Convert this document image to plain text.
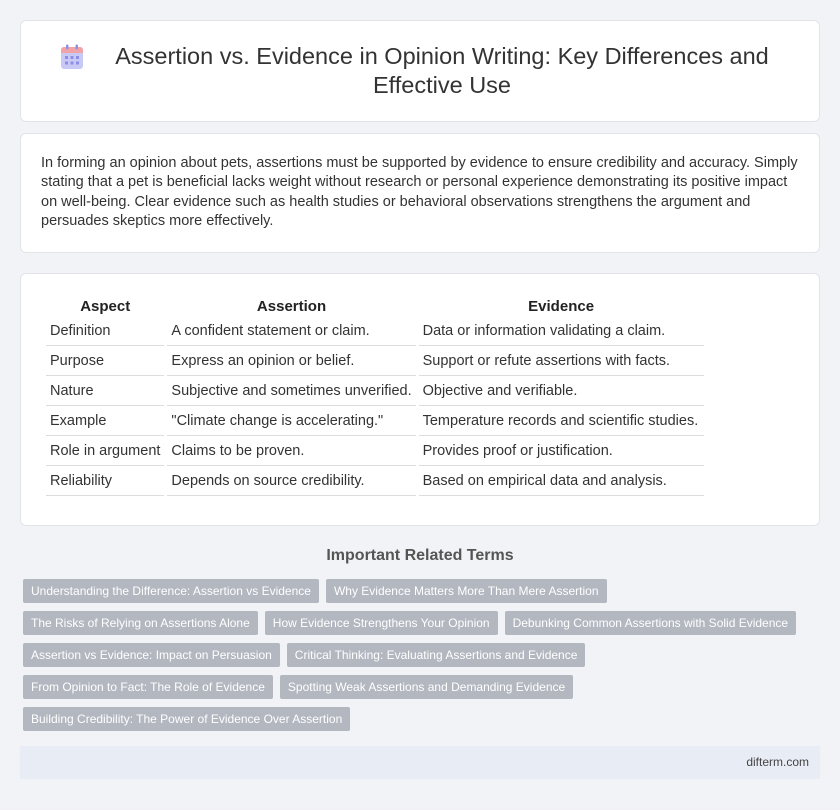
Assertion vs. Evidence in Opinion Writing: Key Differences and Effective Use

In forming an opinion about pets, assertions must be supported by evidence to ensure credibility and accuracy. Simply stating that a pet is beneficial lacks weight without research or personal experience demonstrating its positive impact on well-being. Clear evidence such as health studies or behavioral observations strengthens the argument and persuades skeptics more effectively.

Aspect	Assertion	Evidence
Definition	A confident statement or claim.	Data or information validating a claim.
Purpose	Express an opinion or belief.	Support or refute assertions with facts.
Nature	Subjective and sometimes unverified.	Objective and verifiable.
Example	"Climate change is accelerating."	Temperature records and scientific studies.
Role in argument	Claims to be proven.	Provides proof or justification.
Reliability	Depends on source credibility.	Based on empirical data and analysis.
Important Related Terms
Understanding the Difference: Assertion vs Evidence	Why Evidence Matters More Than Mere Assertion
The Risks of Relying on Assertions Alone	How Evidence Strengthens Your Opinion	Debunking Common Assertions with Solid Evidence
Assertion vs Evidence: Impact on Persuasion	Critical Thinking: Evaluating Assertions and Evidence
From Opinion to Fact: The Role of Evidence	Spotting Weak Assertions and Demanding Evidence
Building Credibility: The Power of Evidence Over Assertion
difterm.com
